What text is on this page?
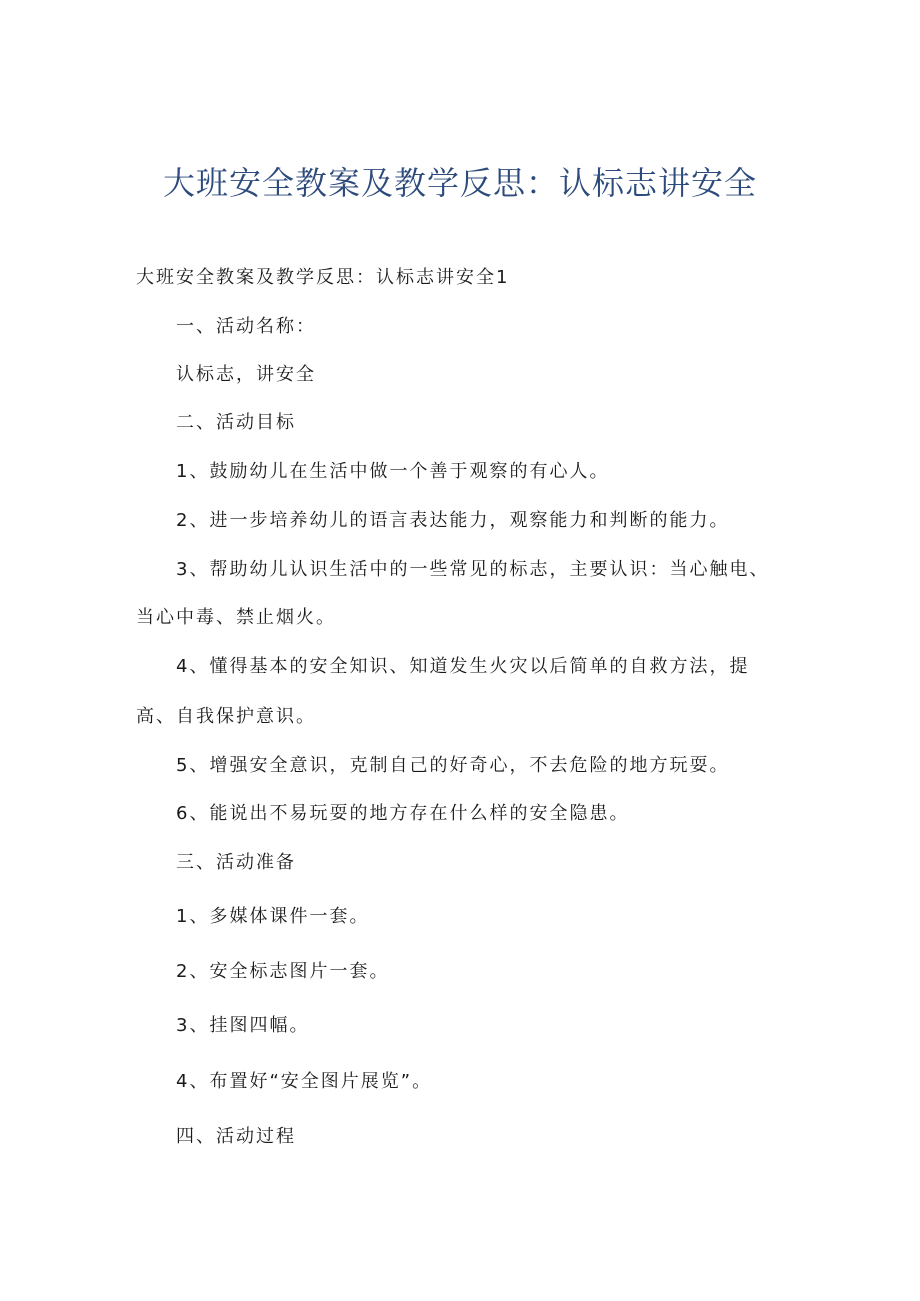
大班安全教案及教学反思：认标志讲安全
大班安全教案及教学反思：认标志讲安全1
一、活动名称：
认标志，讲安全
二、活动目标
1、鼓励幼儿在生活中做一个善于观察的有心人。
2、进一步培养幼儿的语言表达能力，观察能力和判断的能力。
3、帮助幼儿认识生活中的一些常见的标志，主要认识：当心触电、
当心中毒、禁止烟火。
4、懂得基本的安全知识、知道发生火灾以后简单的自救方法，提
高、自我保护意识。
5、增强安全意识，克制自己的好奇心，不去危险的地方玩耍。
6、能说出不易玩耍的地方存在什么样的安全隐患。
三、活动准备
1、多媒体课件一套。
2、安全标志图片一套。
3、挂图四幅。
4、布置好“安全图片展览”。
四、活动过程
